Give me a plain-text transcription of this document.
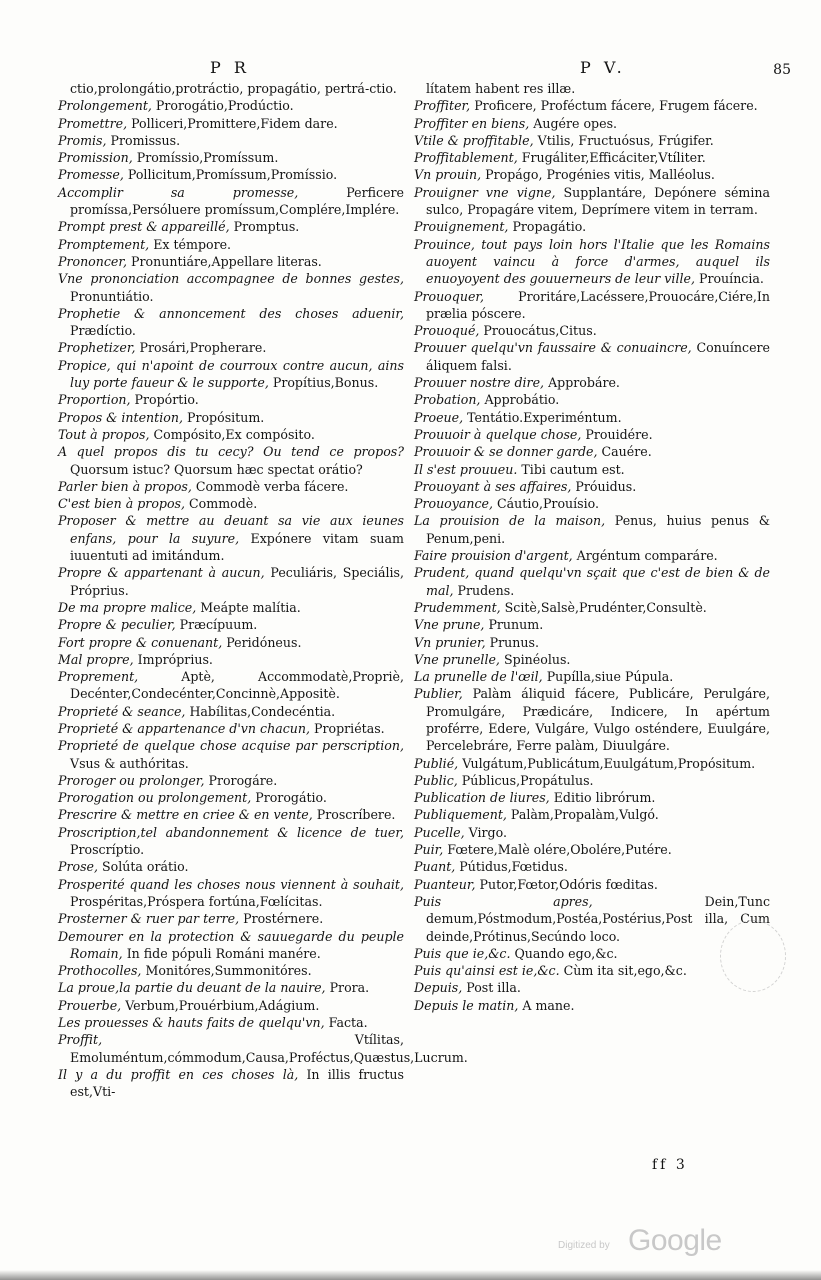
P R	P V.	85

ctio,prolongátio,protráctio, propagátio, pertrá-ctio.

Prolongement, Prorogátio,Prodúctio.

Promettre, Polliceri,Promittere,Fidem dare.

Promis, Promissus.

Promission, Promíssio,Promíssum.

Promesse, Pollicitum,Promíssum,Promíssio.

Accomplir sa promesse,	Perficere promíssa,Persóluere promíssum,Complére,Implére.

Prompt prest & appareillé, Promptus.

Promptement, Ex témpore.

Prononcer, Pronuntiáre,Appellare literas.

Vne prononciation accompagnee de bonnes gestes, Pronuntiátio.

Prophetie & annoncement des choses aduenir, Prædíctio.

Prophetizer, Prosári,Propherare.

Propice, qui n'apoint de courroux contre aucun, ains luy porte faueur & le supporte, Propítius,Bonus.

Proportion, Propórtio.

Propos & intention, Propósitum.

Tout à propos, Compósito,Ex compósito.

A quel propos dis tu cecy? Ou tend ce propos? Quorsum istuc? Quorsum hæc spectat orátio?

Parler bien à propos, Commodè verba fácere.

C'est bien à propos, Commodè.

Proposer & mettre au deuant sa vie aux ieunes enfans, pour la suyure, Expónere vitam suam iuuentuti ad imitándum.

Propre & appartenant à aucun, Peculiáris, Speciális, Próprius.

De ma propre malice, Meápte malítia.

Propre & peculier, Præcípuum.

Fort propre & conuenant, Peridóneus.

Mal propre, Impróprius.

Proprement,	Aptè, Accommodatè,Propriè, Decénter,Condecénter,Concinnè,Appositè.

Proprieté & seance, Habílitas,Condecéntia.

Proprieté & appartenance d'vn chacun, Propriétas.

Proprieté de quelque chose acquise par perscription, Vsus & authóritas.

Proroger ou prolonger, Prorogáre.

Prorogation ou prolongement, Prorogátio.

Prescrire & mettre en criee & en vente, Proscríbere.

Proscription,tel abandonnement & licence de tuer, Proscríptio.

Prose, Solúta orátio.

Prosperité quand les choses nous viennent à souhait, Prospéritas,Próspera fortúna,Fœlícitas.

Prosterner & ruer par terre, Prostérnere.

Demourer en la protection & sauuegarde du peuple Romain, In fide pópuli Románi manére.

Prothocolles, Monitóres,Summonitóres.

La proue,la partie du deuant de la nauire, Prora.

Prouerbe, Verbum,Prouérbium,Adágium.

Les prouesses & hauts faits de quelqu'vn, Facta.

Proffit,	Vtílitas, Emoluméntum,cómmodum,Causa,Proféctus,Quæstus,Lucrum.

Il y a du proffit en ces choses là, In illis fructus est,Vti-

lítatem habent res illæ.

Proffiter, Proficere, Proféctum fácere, Frugem fácere.

Proffiter en biens, Augére opes.

Vtile & proffitable, Vtilis, Fructuósus, Frúgifer.

Proffitablement, Frugáliter,Efficáciter,Vtíliter.

Vn prouin, Propágo, Progénies vitis, Malléolus.

Prouigner vne vigne, Supplantáre, Depónere sémina sulco, Propagáre vitem, Deprímere vitem in terram.

Prouignement, Propagátio.

Prouince, tout pays loin hors l'Italie que les Romains auoyent vaincu à force d'armes, auquel ils enuoyoyent des gouuerneurs de leur ville, Prouíncia.

Prouoquer,	Proritáre,Lacéssere,Prouocáre,Ciére,In prælia póscere.

Prouoqué, Prouocátus,Citus.

Prouuer quelqu'vn faussaire & conuaincre, Conuíncere áliquem falsi.

Prouuer nostre dire, Approbáre.

Probation, Approbátio.

Proeue, Tentátio.Experiméntum.

Prouuoir à quelque chose, Prouidére.

Prouuoir & se donner garde, Cauére.

Il s'est prouueu. Tibi cautum est.

Prouoyant à ses affaires, Próuidus.

Prouoyance, Cáutio,Prouísio.

La prouision de la maison, Penus, huius penus & Penum,peni.

Faire prouision d'argent, Argéntum comparáre.

Prudent, quand quelqu'vn sçait que c'est de bien & de mal, Prudens.

Prudemment, Scitè,Salsè,Prudénter,Consultè.

Vne prune, Prunum.

Vn prunier, Prunus.

Vne prunelle, Spinéolus.

La prunelle de l'œil, Pupílla,siue Púpula.

Publier, Palàm áliquid fácere, Publicáre, Perulgáre, Promulgáre, Prædicáre, Indicere, In apértum proférre, Edere, Vulgáre, Vulgo osténdere, Euulgáre, Percelebráre, Ferre palàm, Diuulgáre.

Publié, Vulgátum,Publicátum,Euulgátum,Propósitum.

Public, Públicus,Propátulus.

Publication de liures, Editio librórum.

Publiquement, Palàm,Propalàm,Vulgó.

Pucelle, Virgo.

Puir, Fœtere,Malè olére,Obolére,Putére.

Puant, Pútidus,Fœtidus.

Puanteur, Putor,Fœtor,Odóris fœditas.

Puis apres,	Dein,Tunc demum,Póstmodum,Postéa,Postérius,Post illa, Cum deinde,Prótinus,Secúndo loco.

Puis que ie,&c. Quando ego,&c.

Puis qu'ainsi est ie,&c. Cùm ita sit,ego,&c.

Depuis, Post illa.

Depuis le matin, A mane.

ff 3
Digitized by Google
